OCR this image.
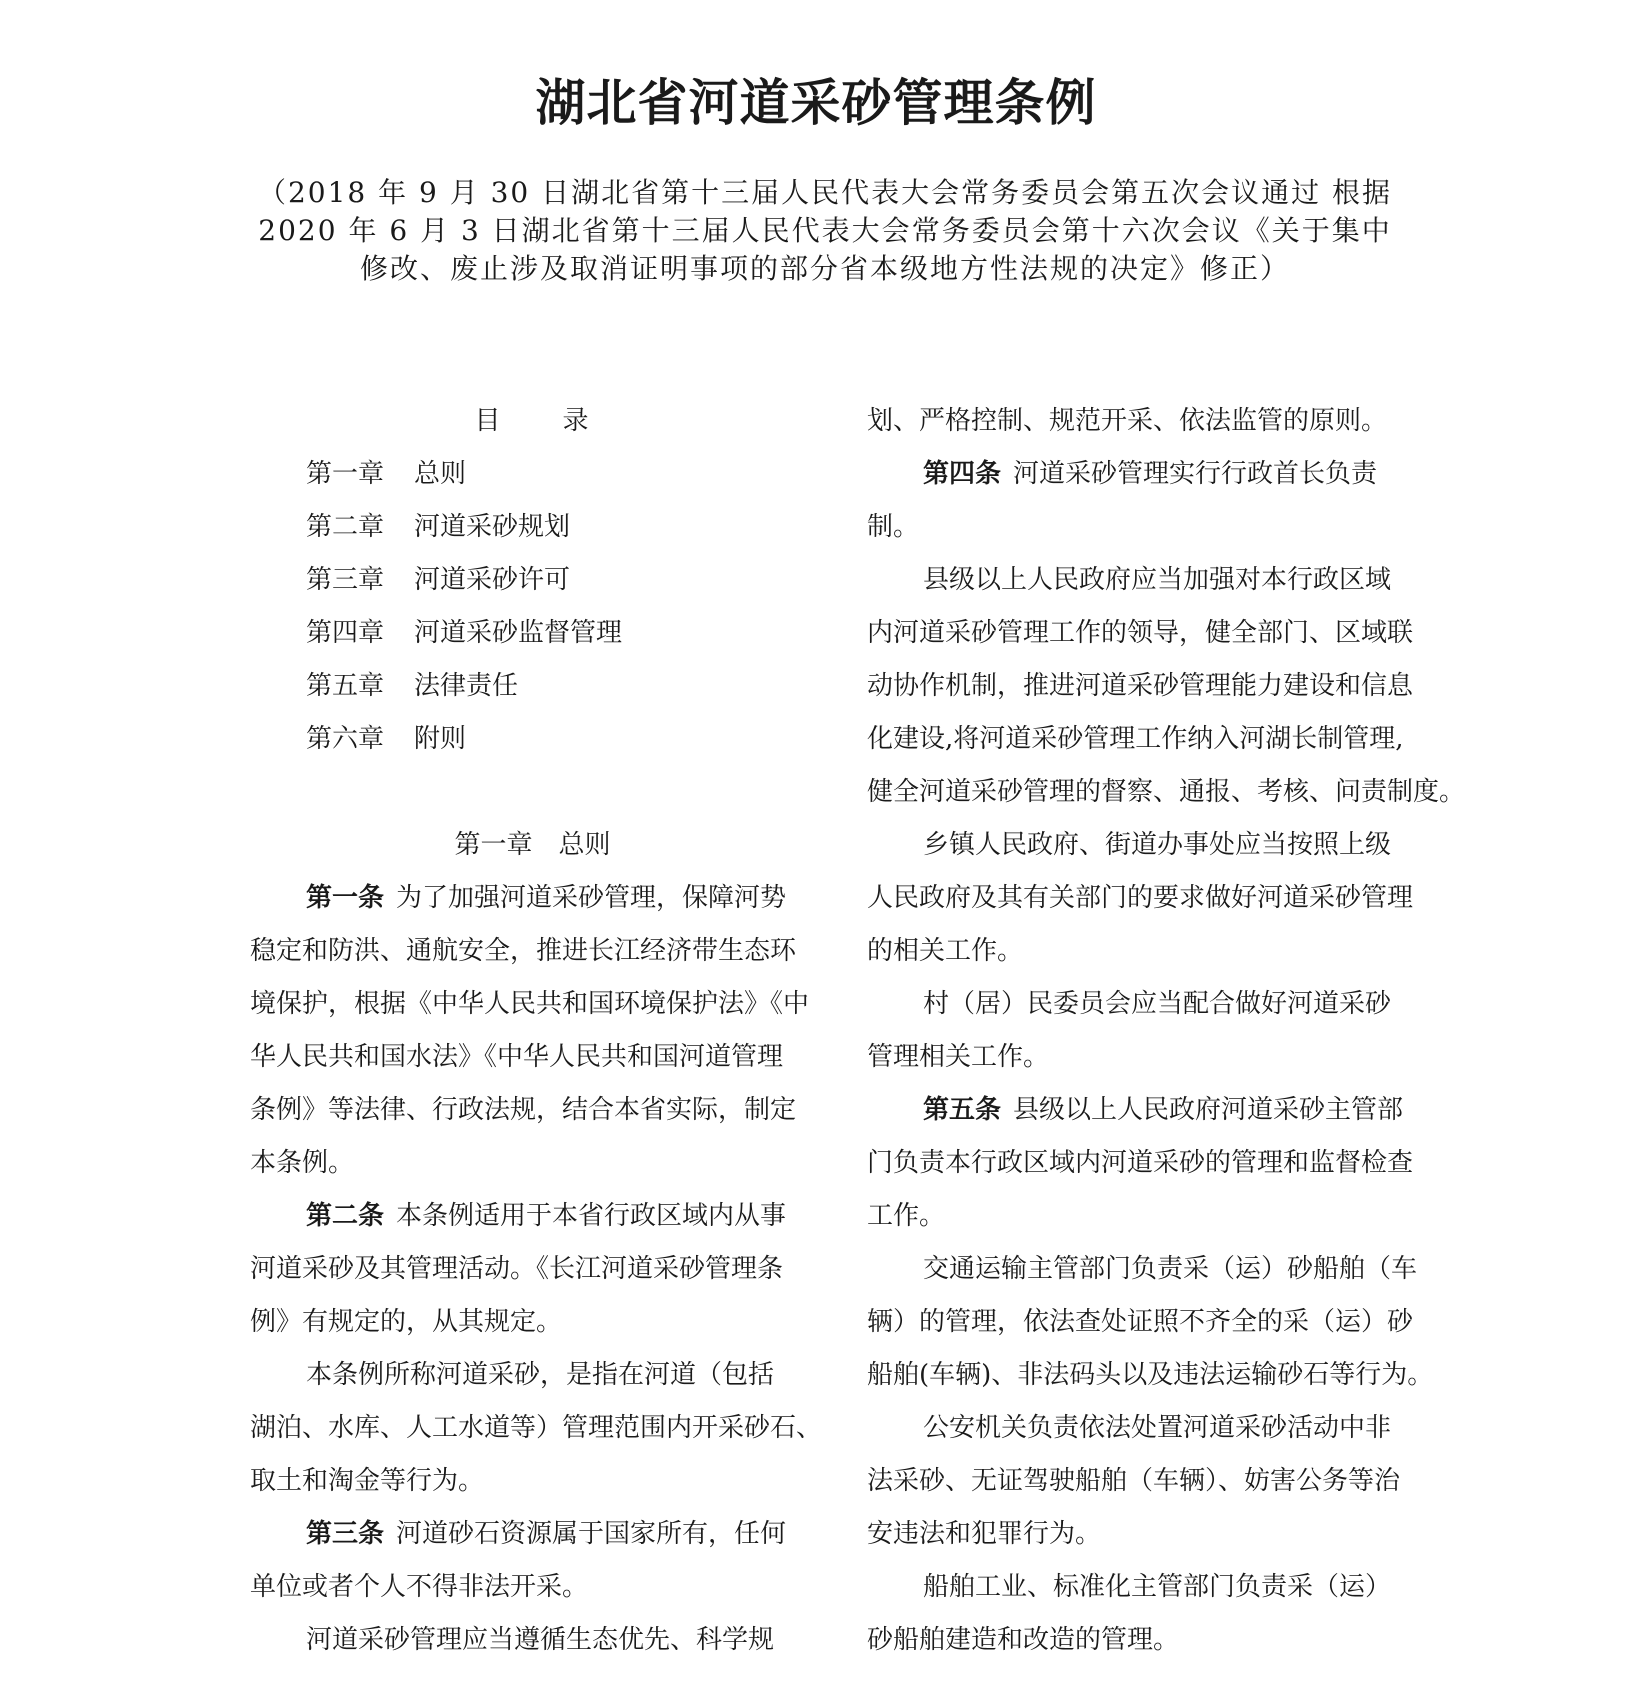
湖北省河道采砂管理条例
（2018 年 9 月 30 日湖北省第十三届人民代表大会常务委员会第五次会议通过 根据
2020 年 6 月 3 日湖北省第十三届人民代表大会常务委员会第十六次会议《关于集中
修改、废止涉及取消证明事项的部分省本级地方性法规的决定》修正）
目 录
第一章 总则
第二章 河道采砂规划
第三章 河道采砂许可
第四章 河道采砂监督管理
第五章 法律责任
第六章 附则
第一章 总则
第一条 为了加强河道采砂管理，保障河势
稳定和防洪、通航安全，推进长江经济带生态环
境保护，根据《中华人民共和国环境保护法》《中
华人民共和国水法》《中华人民共和国河道管理
条例》等法律、行政法规，结合本省实际，制定
本条例。
第二条 本条例适用于本省行政区域内从事
河道采砂及其管理活动。《长江河道采砂管理条
例》有规定的，从其规定。
本条例所称河道采砂，是指在河道（包括
湖泊、水库、人工水道等）管理范围内开采砂石、
取土和淘金等行为。
第三条 河道砂石资源属于国家所有，任何
单位或者个人不得非法开采。
河道采砂管理应当遵循生态优先、科学规
划、严格控制、规范开采、依法监管的原则。
第四条 河道采砂管理实行行政首长负责
制。
县级以上人民政府应当加强对本行政区域
内河道采砂管理工作的领导，健全部门、区域联
动协作机制，推进河道采砂管理能力建设和信息
化建设,将河道采砂管理工作纳入河湖长制管理,
健全河道采砂管理的督察、通报、考核、问责制度。
乡镇人民政府、街道办事处应当按照上级
人民政府及其有关部门的要求做好河道采砂管理
的相关工作。
村（居）民委员会应当配合做好河道采砂
管理相关工作。
第五条 县级以上人民政府河道采砂主管部
门负责本行政区域内河道采砂的管理和监督检查
工作。
交通运输主管部门负责采（运）砂船舶（车
辆）的管理，依法查处证照不齐全的采（运）砂
船舶(车辆)、非法码头以及违法运输砂石等行为。
公安机关负责依法处置河道采砂活动中非
法采砂、无证驾驶船舶（车辆）、妨害公务等治
安违法和犯罪行为。
船舶工业、标准化主管部门负责采（运）
砂船舶建造和改造的管理。
